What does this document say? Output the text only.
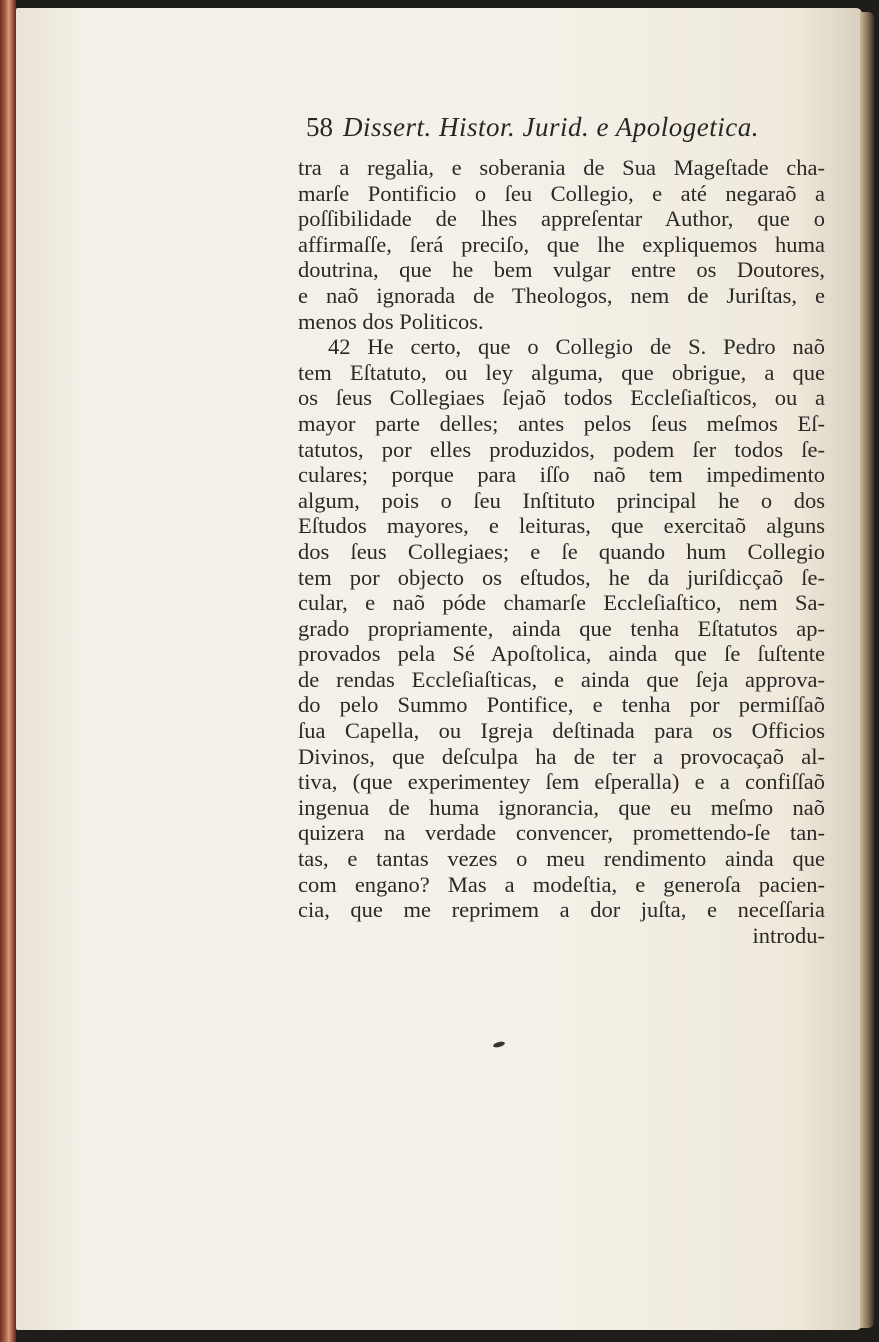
58 Dissert. Histor. Jurid. e Apologetica.
tra a regalia, e soberania de Sua Mageſtade cha-
marſe Pontificio o ſeu Collegio, e até negaraõ a
poſſibilidade de lhes appreſentar Author, que o
affirmaſſe, ſerá preciſo, que lhe expliquemos huma
doutrina, que he bem vulgar entre os Doutores,
e naõ ignorada de Theologos, nem de Juriſtas, e
menos dos Politicos.
42 He certo, que o Collegio de S. Pedro naõ
tem Eſtatuto, ou ley alguma, que obrigue, a que
os ſeus Collegiaes ſejaõ todos Eccleſiaſticos, ou a
mayor parte delles; antes pelos ſeus meſmos Eſ-
tatutos, por elles produzidos, podem ſer todos ſe-
culares; porque para iſſo naõ tem impedimento
algum, pois o ſeu Inſtituto principal he o dos
Eſtudos mayores, e leituras, que exercitaõ alguns
dos ſeus Collegiaes; e ſe quando hum Collegio
tem por objecto os eſtudos, he da juriſdicçaõ ſe-
cular, e naõ póde chamarſe Eccleſiaſtico, nem Sa-
grado propriamente, ainda que tenha Eſtatutos ap-
provados pela Sé Apoſtolica, ainda que ſe ſuſtente
de rendas Eccleſiaſticas, e ainda que ſeja approva-
do pelo Summo Pontifice, e tenha por permiſſaõ
ſua Capella, ou Igreja deſtinada para os Officios
Divinos, que deſculpa ha de ter a provocaçaõ al-
tiva, (que experimentey ſem eſperalla) e a confiſſaõ
ingenua de huma ignorancia, que eu meſmo naõ
quizera na verdade convencer, promettendo-ſe tan-
tas, e tantas vezes o meu rendimento ainda que
com engano? Mas a modeſtia, e generoſa pacien-
cia, que me reprimem a dor juſta, e neceſſaria
introdu-
